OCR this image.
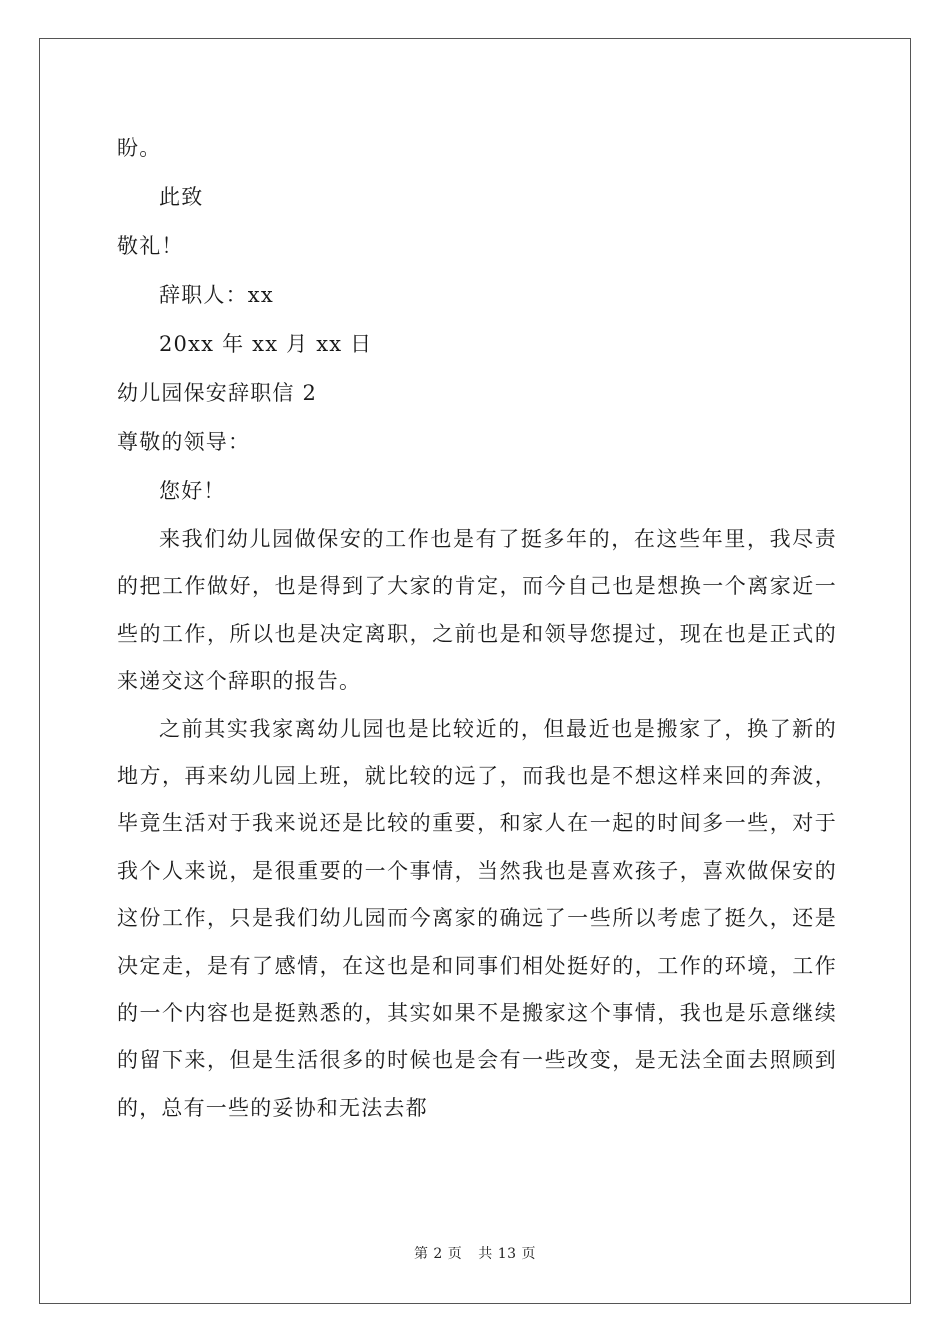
盼。
此致
敬礼！
辞职人：xx
20xx 年 xx 月 xx 日
幼儿园保安辞职信 2
尊敬的领导：
您好！
来我们幼儿园做保安的工作也是有了挺多年的，在这些年里，我尽责的把工作做好，也是得到了大家的肯定，而今自己也是想换一个离家近一些的工作，所以也是决定离职，之前也是和领导您提过，现在也是正式的来递交这个辞职的报告。
之前其实我家离幼儿园也是比较近的，但最近也是搬家了，换了新的地方，再来幼儿园上班，就比较的远了，而我也是不想这样来回的奔波，毕竟生活对于我来说还是比较的重要，和家人在一起的时间多一些，对于我个人来说，是很重要的一个事情，当然我也是喜欢孩子，喜欢做保安的这份工作，只是我们幼儿园而今离家的确远了一些所以考虑了挺久，还是决定走，是有了感情，在这也是和同事们相处挺好的，工作的环境，工作的一个内容也是挺熟悉的，其实如果不是搬家这个事情，我也是乐意继续的留下来，但是生活很多的时候也是会有一些改变，是无法全面去照顾到的，总有一些的妥协和无法去都
第 2 页 共 13 页
